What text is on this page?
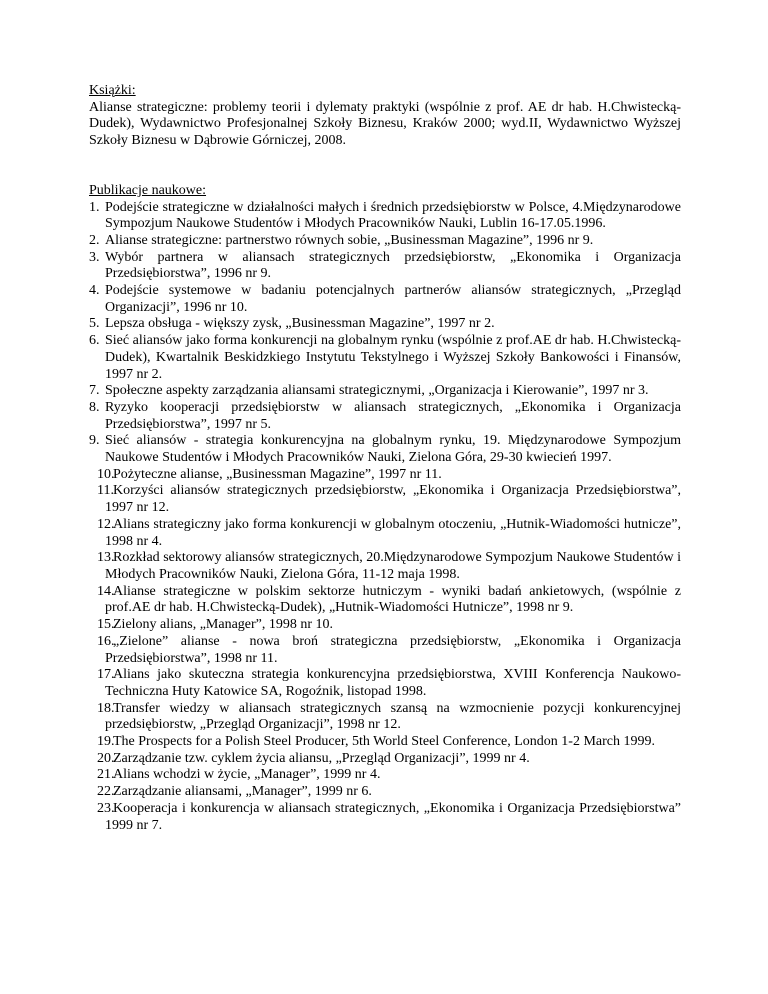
Książki:

Alianse strategiczne: problemy teorii i dylematy praktyki (wspólnie z prof. AE dr hab. H.Chwistecką-Dudek), Wydawnictwo Profesjonalnej Szkoły Biznesu, Kraków 2000; wyd.II, Wydawnictwo Wyższej Szkoły Biznesu w Dąbrowie Górniczej, 2008.

Publikacje naukowe:

1. Podejście strategiczne w działalności małych i średnich przedsiębiorstw w Polsce, 4.Międzynarodowe Sympozjum Naukowe Studentów i Młodych Pracowników Nauki, Lublin 16-17.05.1996.
2. Alianse strategiczne: partnerstwo równych sobie, „Businessman Magazine”, 1996 nr 9.
3. Wybór partnera w aliansach strategicznych przedsiębiorstw, „Ekonomika i Organizacja Przedsiębiorstwa”, 1996 nr 9.
4. Podejście systemowe w badaniu potencjalnych partnerów aliansów strategicznych, „Przegląd Organizacji”, 1996 nr 10.
5. Lepsza obsługa - większy zysk, „Businessman Magazine”, 1997 nr 2.
6. Sieć aliansów jako forma konkurencji na globalnym rynku (wspólnie z prof.AE dr hab. H.Chwistecką-Dudek), Kwartalnik Beskidzkiego Instytutu Tekstylnego i Wyższej Szkoły Bankowości i Finansów, 1997 nr 2.
7. Społeczne aspekty zarządzania aliansami strategicznymi, „Organizacja i Kierowanie”, 1997 nr 3.
8. Ryzyko kooperacji przedsiębiorstw w aliansach strategicznych, „Ekonomika i Organizacja Przedsiębiorstwa”, 1997 nr 5.
9. Sieć aliansów - strategia konkurencyjna na globalnym rynku, 19. Międzynarodowe Sympozjum Naukowe Studentów i Młodych Pracowników Nauki, Zielona Góra, 29-30 kwiecień 1997.
10.
Pożyteczne alianse, „Businessman Magazine”, 1997 nr 11.
11. Korzyści aliansów strategicznych przedsiębiorstw, „Ekonomika i Organizacja Przedsiębiorstwa”, 1997 nr 12.
12.
Alians strategiczny jako forma konkurencji w globalnym otoczeniu, „Hutnik-Wiadomości hutnicze”, 1998 nr 4.
13.
Rozkład sektorowy aliansów strategicznych, 20.Międzynarodowe Sympozjum Naukowe Studentów i Młodych Pracowników Nauki, Zielona Góra, 11-12 maja 1998.
14.
Alianse strategiczne w polskim sektorze hutniczym - wyniki badań ankietowych, (wspólnie z prof.AE dr hab. H.Chwistecką-Dudek), „Hutnik-Wiadomości Hutnicze”, 1998 nr 9.
15.
Zielony alians, „Manager”, 1998 nr 10.
16.
„Zielone” alianse - nowa broń strategiczna przedsiębiorstw, „Ekonomika i Organizacja Przedsiębiorstwa”, 1998 nr 11.
17.
Alians jako skuteczna strategia konkurencyjna przedsiębiorstwa, XVIII Konferencja Naukowo-Techniczna Huty Katowice SA, Rogoźnik, listopad 1998.
18.
Transfer wiedzy w aliansach strategicznych szansą na wzmocnienie pozycji konkurencyjnej przedsiębiorstw, „Przegląd Organizacji”, 1998 nr 12.
19.
The Prospects for a Polish Steel Producer, 5th World Steel Conference, London 1-2 March 1999.
20.
Zarządzanie tzw. cyklem życia aliansu, „Przegląd Organizacji”, 1999 nr 4.
21.
Alians wchodzi w życie, „Manager”, 1999 nr 4.
22.
Zarządzanie aliansami, „Manager”, 1999 nr 6.
23.
Kooperacja i konkurencja w aliansach strategicznych, „Ekonomika i Organizacja Przedsiębiorstwa” 1999 nr 7.
